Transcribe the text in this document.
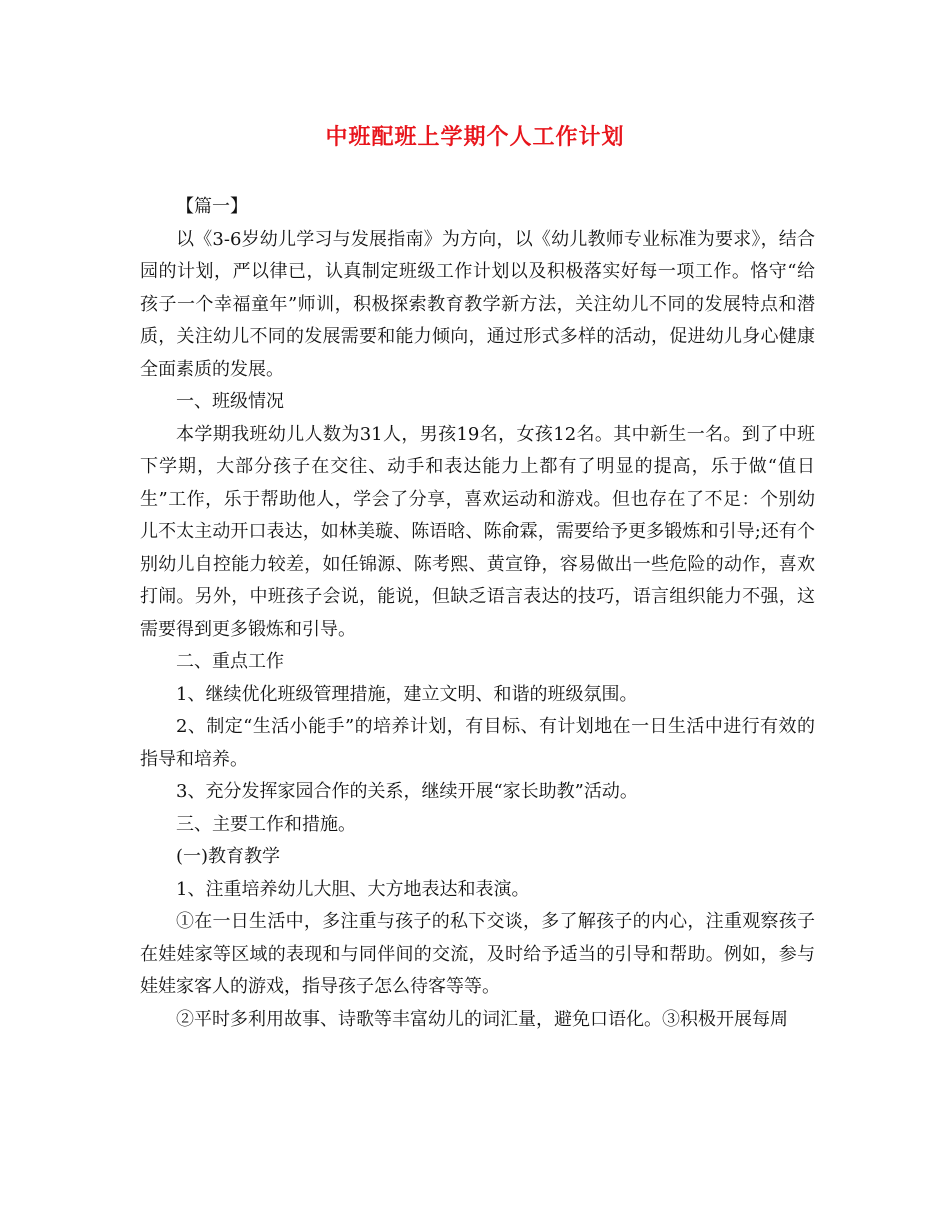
中班配班上学期个人工作计划

【篇一】

以《3-6岁幼儿学习与发展指南》为方向，以《幼儿教师专业标准为要求》，结合园的计划，严以律已，认真制定班级工作计划以及积极落实好每一项工作。恪守“给孩子一个幸福童年”师训，积极探索教育教学新方法，关注幼儿不同的发展特点和潜质，关注幼儿不同的发展需要和能力倾向，通过形式多样的活动，促进幼儿身心健康全面素质的发展。

一、班级情况

本学期我班幼儿人数为31人，男孩19名，女孩12名。其中新生一名。到了中班下学期，大部分孩子在交往、动手和表达能力上都有了明显的提高，乐于做“值日生”工作，乐于帮助他人，学会了分享，喜欢运动和游戏。但也存在了不足：个别幼儿不太主动开口表达，如林美璇、陈语晗、陈俞霖，需要给予更多锻炼和引导;还有个别幼儿自控能力较差，如任锦源、陈考熙、黄宣铮，容易做出一些危险的动作，喜欢打闹。另外，中班孩子会说，能说，但缺乏语言表达的技巧，语言组织能力不强，这需要得到更多锻炼和引导。

二、重点工作

1、继续优化班级管理措施，建立文明、和谐的班级氛围。

2、制定“生活小能手”的培养计划，有目标、有计划地在一日生活中进行有效的指导和培养。

3、充分发挥家园合作的关系，继续开展“家长助教”活动。

三、主要工作和措施。

(一)教育教学

1、注重培养幼儿大胆、大方地表达和表演。

①在一日生活中，多注重与孩子的私下交谈，多了解孩子的内心，注重观察孩子在娃娃家等区域的表现和与同伴间的交流，及时给予适当的引导和帮助。例如，参与娃娃家客人的游戏，指导孩子怎么待客等等。

②平时多利用故事、诗歌等丰富幼儿的词汇量，避免口语化。③积极开展每周
